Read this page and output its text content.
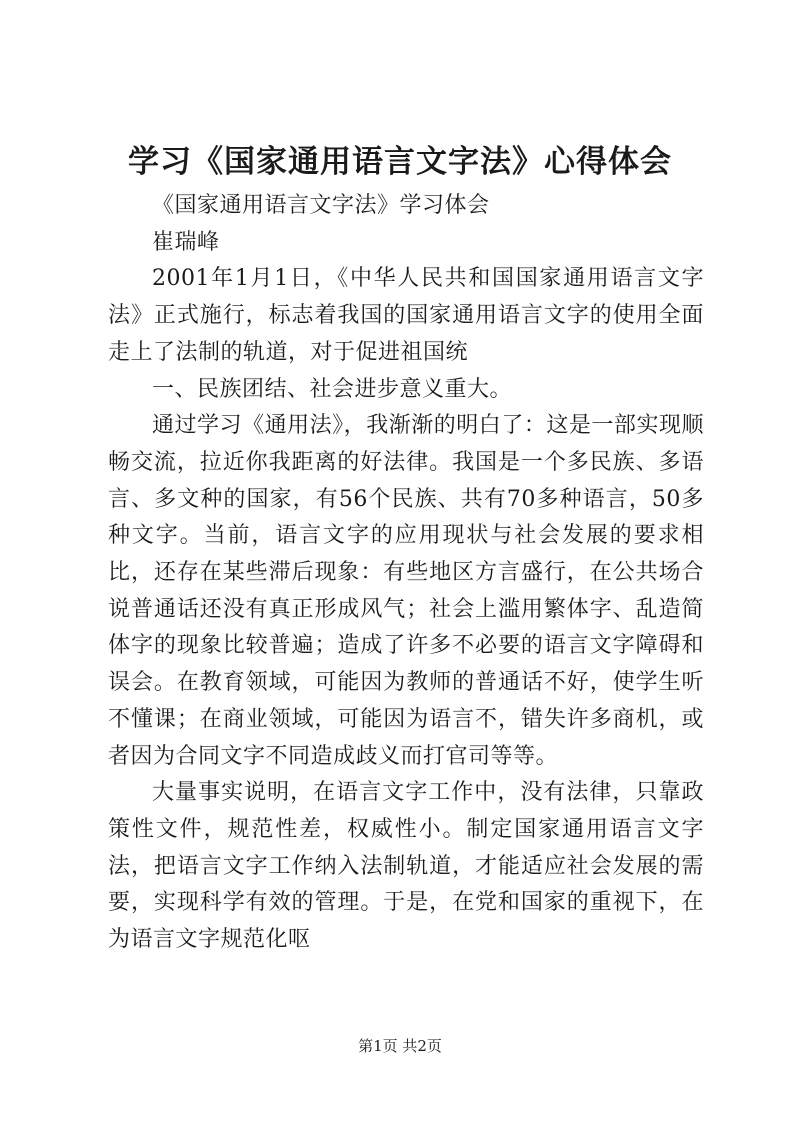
学习《国家通用语言文字法》心得体会

《国家通用语言文字法》学习体会

崔瑞峰

2001年1月1日，《中华人民共和国国家通用语言文字法》正式施行，标志着我国的国家通用语言文字的使用全面走上了法制的轨道，对于促进祖国统

一、民族团结、社会进步意义重大。

通过学习《通用法》，我渐渐的明白了：这是一部实现顺畅交流，拉近你我距离的好法律。我国是一个多民族、多语言、多文种的国家，有56个民族、共有70多种语言，50多种文字。当前，语言文字的应用现状与社会发展的要求相比，还存在某些滞后现象：有些地区方言盛行，在公共场合说普通话还没有真正形成风气；社会上滥用繁体字、乱造简体字的现象比较普遍；造成了许多不必要的语言文字障碍和误会。在教育领域，可能因为教师的普通话不好，使学生听不懂课；在商业领域，可能因为语言不，错失许多商机，或者因为合同文字不同造成歧义而打官司等等。

大量事实说明，在语言文字工作中，没有法律，只靠政策性文件，规范性差，权威性小。制定国家通用语言文字法，把语言文字工作纳入法制轨道，才能适应社会发展的需要，实现科学有效的管理。于是，在党和国家的重视下，在为语言文字规范化呕

第1页 共2页
